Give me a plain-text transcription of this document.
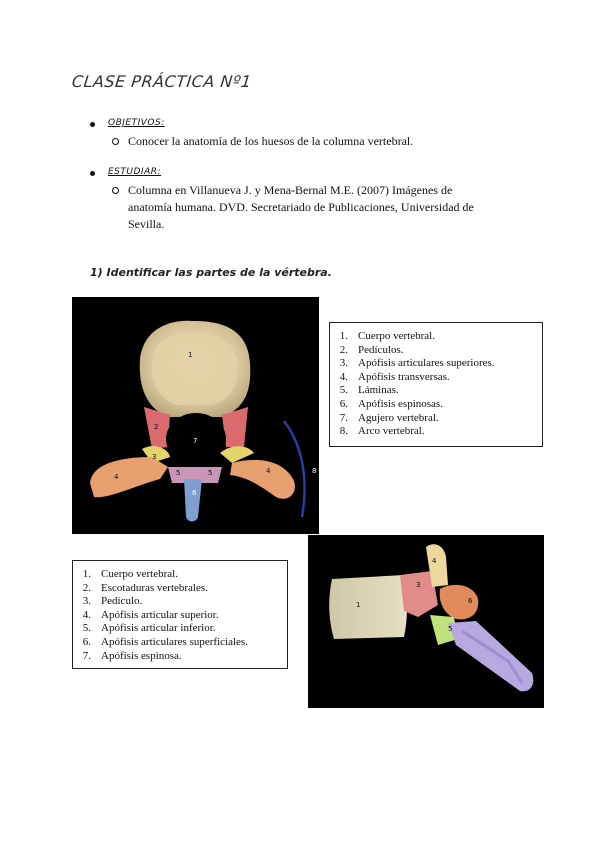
CLASE PRÁCTICA Nº1
OBJETIVOS:
Conocer la anatomía de los huesos de la columna vertebral.
ESTUDIAR:
Columna en Villanueva J. y Mena-Bernal M.E. (2007) Imágenes de anatomía humana. DVD. Secretariado de Publicaciones, Universidad de Sevilla.
1) Identificar las partes de la vértebra.
1
2
3
4
4
5	5
6
7
8
1. Cuerpo vertebral.
2. Pedículos.
3. Apófisis articulares superiores.
4. Apófisis transversas.
5. Láminas.
6. Apófisis espinosas.
7. Agujero vertebral.
8. Arco vertebral.
1. Cuerpo vertebral.
2. Escotaduras vertebrales.
3. Pedículo.
4. Apófisis articular superior.
5. Apófisis articular inferior.
6. Apófisis articulares superficiales.
7. Apófisis espinosa.
1
3
4
5
6
